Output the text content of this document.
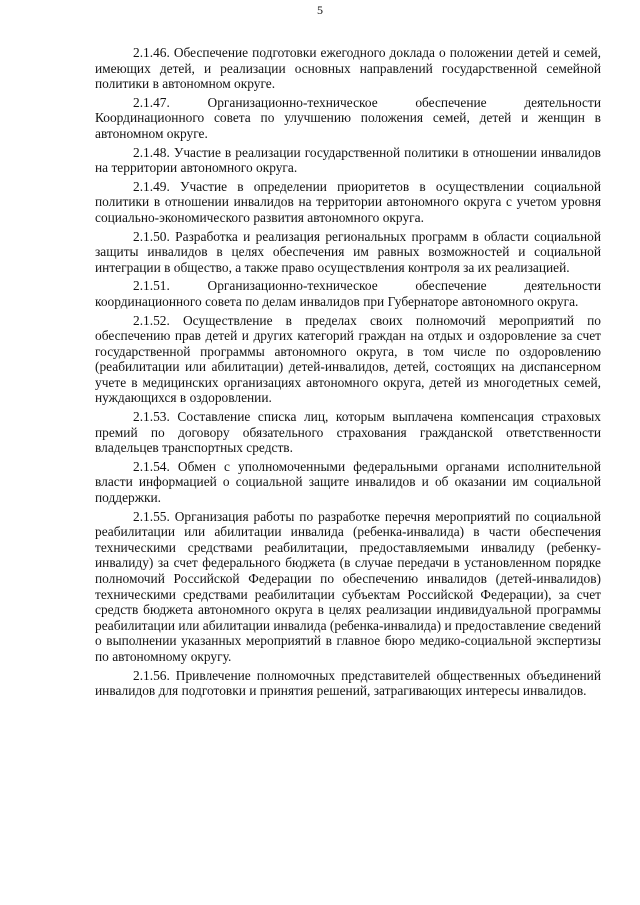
5

2.1.46. Обеспечение подготовки ежегодного доклада о положении детей и семей, имеющих детей, и реализации основных направлений государственной семейной политики в автономном округе.

2.1.47. Организационно-техническое обеспечение деятельности Координационного совета по улучшению положения семей, детей и женщин в автономном округе.

2.1.48. Участие в реализации государственной политики в отношении инвалидов на территории автономного округа.

2.1.49. Участие в определении приоритетов в осуществлении социальной политики в отношении инвалидов на территории автономного округа с учетом уровня социально-экономического развития автономного округа.

2.1.50. Разработка и реализация региональных программ в области социальной защиты инвалидов в целях обеспечения им равных возможностей и социальной интеграции в общество, а также право осуществления контроля за их реализацией.

2.1.51. Организационно-техническое обеспечение деятельности координационного совета по делам инвалидов при Губернаторе автономного округа.

2.1.52. Осуществление в пределах своих полномочий мероприятий по обеспечению прав детей и других категорий граждан на отдых и оздоровление за счет государственной программы автономного округа, в том числе по оздоровлению (реабилитации или абилитации) детей-инвалидов, детей, состоящих на диспансерном учете в медицинских организациях автономного округа, детей из многодетных семей, нуждающихся в оздоровлении.

2.1.53. Составление списка лиц, которым выплачена компенсация страховых премий по договору обязательного страхования гражданской ответственности владельцев транспортных средств.

2.1.54. Обмен с уполномоченными федеральными органами исполнительной власти информацией о социальной защите инвалидов и об оказании им социальной поддержки.

2.1.55. Организация работы по разработке перечня мероприятий по социальной реабилитации или абилитации инвалида (ребенка-инвалида) в части обеспечения техническими средствами реабилитации, предоставляемыми инвалиду (ребенку-инвалиду) за счет федерального бюджета (в случае передачи в установленном порядке полномочий Российской Федерации по обеспечению инвалидов (детей-инвалидов) техническими средствами реабилитации субъектам Российской Федерации), за счет средств бюджета автономного округа в целях реализации индивидуальной программы реабилитации или абилитации инвалида (ребенка-инвалида) и предоставление сведений о выполнении указанных мероприятий в главное бюро медико-социальной экспертизы по автономному округу.

2.1.56. Привлечение полномочных представителей общественных объединений инвалидов для подготовки и принятия решений, затрагивающих интересы инвалидов.
